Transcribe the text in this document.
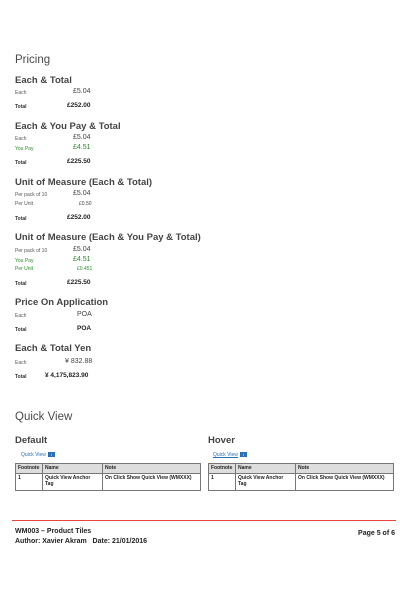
Pricing
Each & Total
Each	£5.04
Total	£252.00
Each & You Pay & Total
Each	£5.04
You Pay	£4.51
Total	£225.50
Unit of Measure (Each & Total)
Per pack of 10	£5.04
Per Unit	£0.50
Total	£252.00
Unit of Measure (Each & You Pay & Total)
Per pack of 10	£5.04
You Pay	£4.51
Per Unit	£0.451
Total	£225.50
Price On Application
Each	POA
Total	POA
Each & Total Yen
Each	¥ 832.88
Total	¥ 4,175,823.90
Quick View
Default
Quick View i
Footnote	Name	Note
1	Quick View Anchor Tag	On Click Show Quick View (WMXXX)
Hover
Quick View i
Footnote	Name	Note
1	Quick View Anchor Tag	On Click Show Quick View (WMXXX)
WM003 – Product Tiles
Author: Xavier Akram   Date: 21/01/2016
Page 5 of 6
